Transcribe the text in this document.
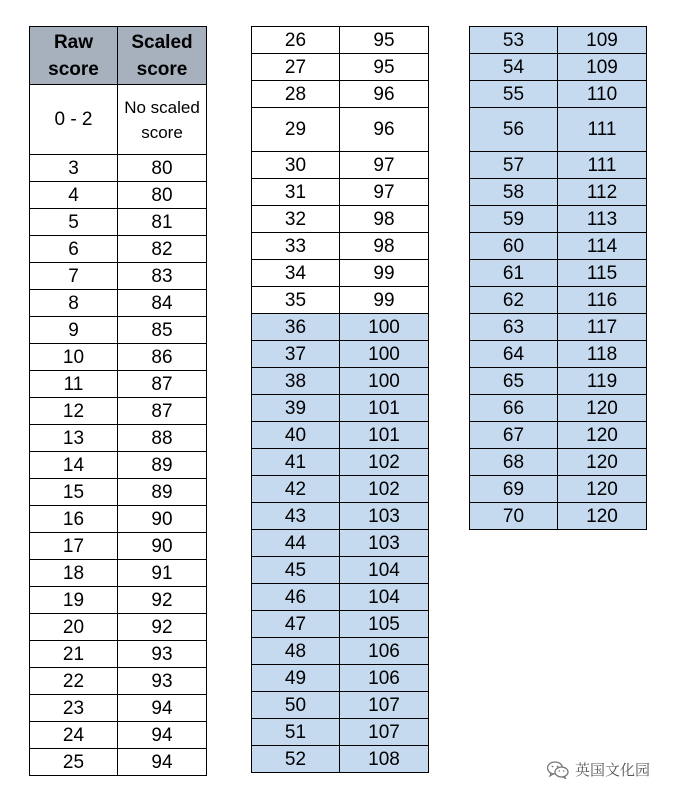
Raw score	Scaled score
0 - 2	No scaled score
3	80
4	80
5	81
6	82
7	83
8	84
9	85
10	86
11	87
12	87
13	88
14	89
15	89
16	90
17	90
18	91
19	92
20	92
21	93
22	93
23	94
24	94
25	94
26	95
27	95
28	96
29	96
30	97
31	97
32	98
33	98
34	99
35	99
36	100
37	100
38	100
39	101
40	101
41	102
42	102
43	103
44	103
45	104
46	104
47	105
48	106
49	106
50	107
51	107
52	108
53	109
54	109
55	110
56	111
57	111
58	112
59	113
60	114
61	115
62	116
63	117
64	118
65	119
66	120
67	120
68	120
69	120
70	120
英国文化园
